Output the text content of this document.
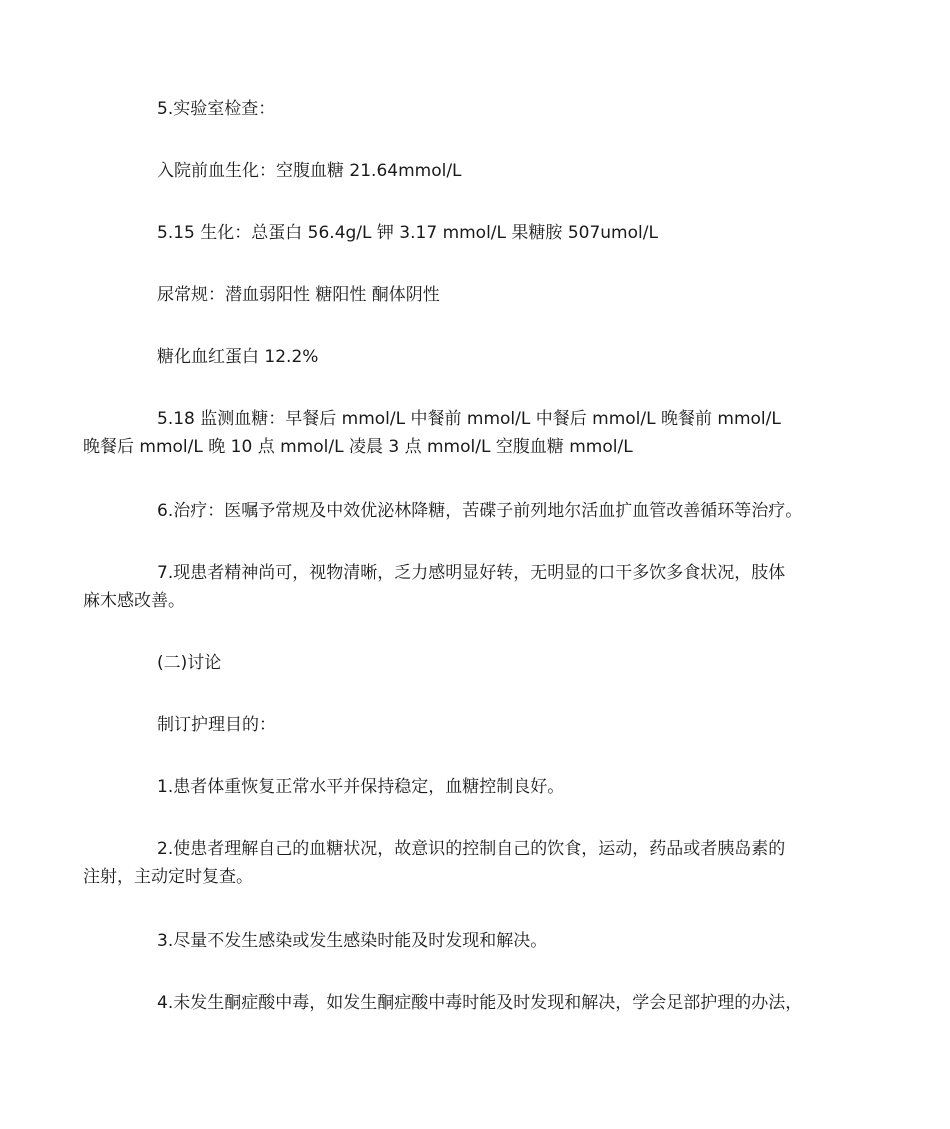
5.实验室检查：

入院前血生化：空腹血糖 21.64mmol/L

5.15 生化：总蛋白 56.4g/L 钾 3.17 mmol/L 果糖胺 507umol/L

尿常规：潜血弱阳性 糖阳性 酮体阴性

糖化血红蛋白 12.2%

5.18 监测血糖：早餐后 mmol/L 中餐前 mmol/L 中餐后 mmol/L 晚餐前 mmol/L
晚餐后 mmol/L 晚 10 点 mmol/L 凌晨 3 点 mmol/L 空腹血糖 mmol/L

6.治疗：医嘱予常规及中效优泌林降糖，苦碟子前列地尔活血扩血管改善循环等治疗。

7.现患者精神尚可，视物清晰，乏力感明显好转，无明显的口干多饮多食状况，肢体
麻木感改善。

(二)讨论

制订护理目的：

1.患者体重恢复正常水平并保持稳定，血糖控制良好。

2.使患者理解自己的血糖状况，故意识的控制自己的饮食，运动，药品或者胰岛素的
注射，主动定时复查。

3.尽量不发生感染或发生感染时能及时发现和解决。

4.未发生酮症酸中毒，如发生酮症酸中毒时能及时发现和解决，学会足部护理的办法，
